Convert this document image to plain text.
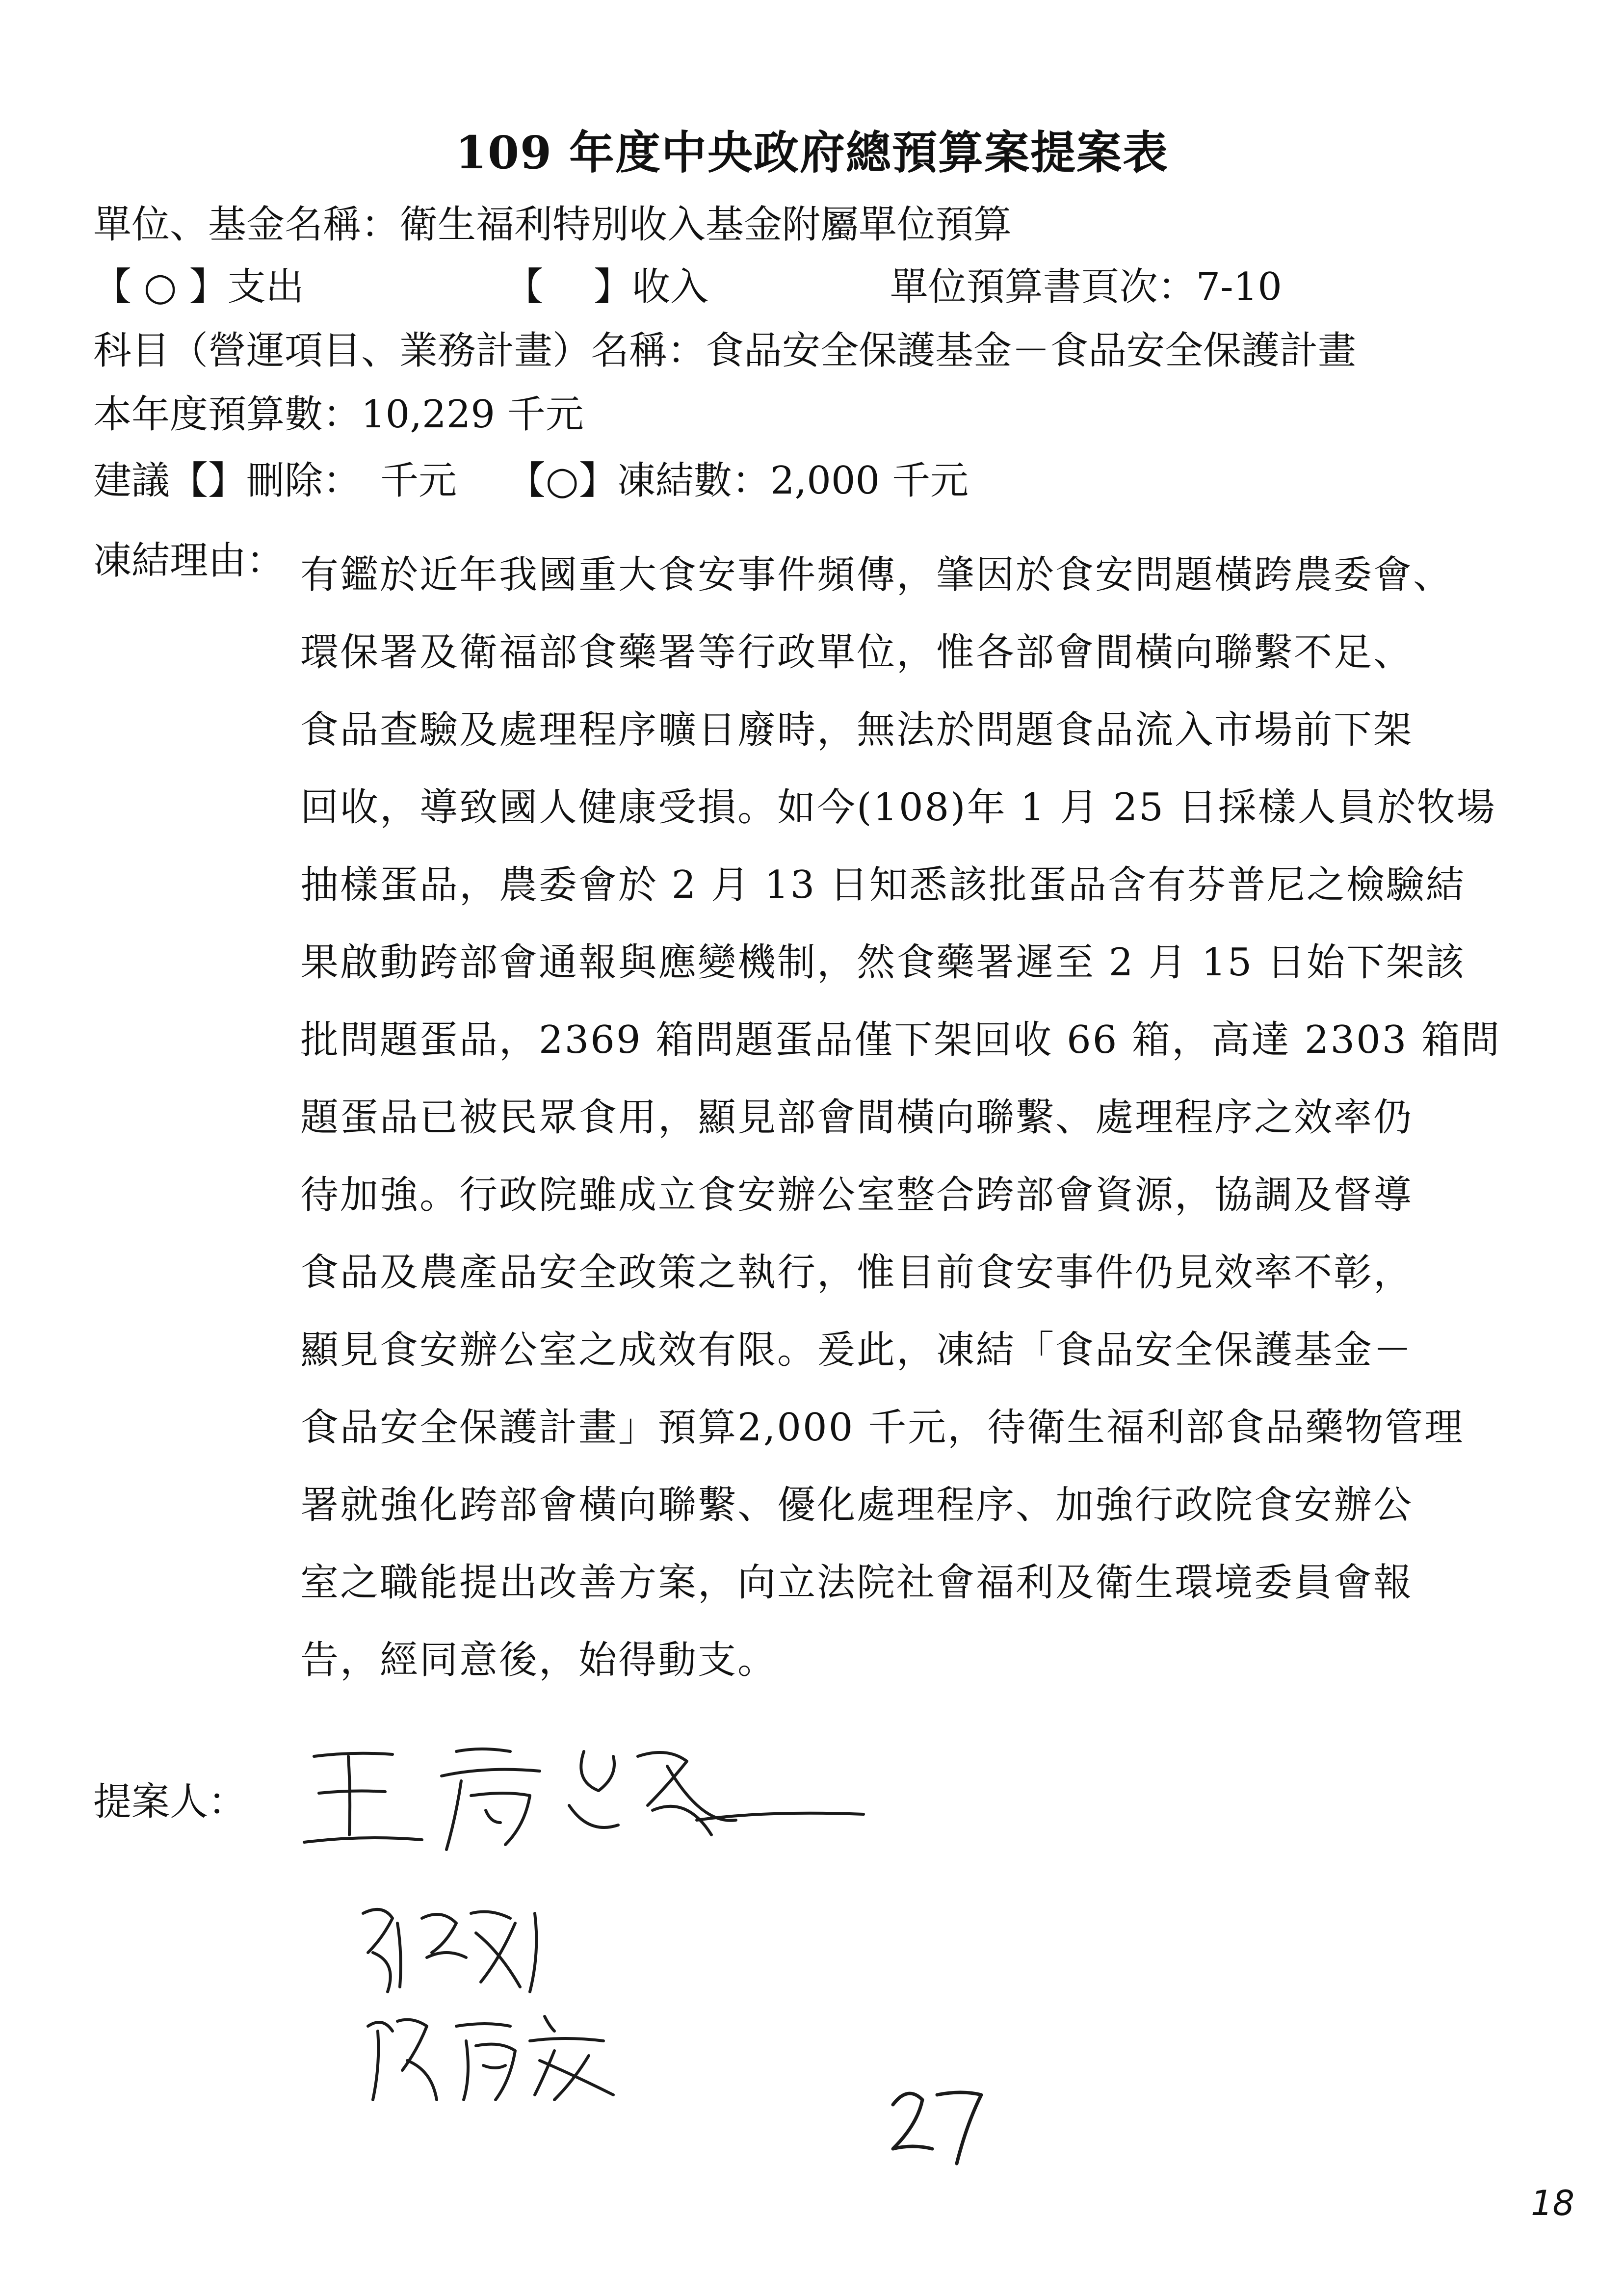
109 年度中央政府總預算案提案表
單位、基金名稱：衛生福利特別收入基金附屬單位預算
【 ○ 】支出	【　 】收入	單位預算書頁次：7-10
科目（營運項目、業務計畫）名稱：食品安全保護基金－食品安全保護計畫
本年度預算數：10,229 千元
建議【】刪除：　千元　 【○】凍結數：2,000 千元
凍結理由： 有鑑於近年我國重大食安事件頻傳，肇因於食安問題橫跨農委會、
環保署及衛福部食藥署等行政單位，惟各部會間橫向聯繫不足、
食品查驗及處理程序曠日廢時，無法於問題食品流入市場前下架
回收，導致國人健康受損。如今(108)年 1 月 25 日採樣人員於牧場
抽樣蛋品，農委會於 2 月 13 日知悉該批蛋品含有芬普尼之檢驗結
果啟動跨部會通報與應變機制，然食藥署遲至 2 月 15 日始下架該
批問題蛋品，2369 箱問題蛋品僅下架回收 66 箱，高達 2303 箱問
題蛋品已被民眾食用，顯見部會間橫向聯繫、處理程序之效率仍
待加強。行政院雖成立食安辦公室整合跨部會資源，協調及督導
食品及農產品安全政策之執行，惟目前食安事件仍見效率不彰，
顯見食安辦公室之成效有限。爰此，凍結「食品安全保護基金－
食品安全保護計畫」預算2,000 千元，待衛生福利部食品藥物管理
署就強化跨部會橫向聯繫、優化處理程序、加強行政院食安辦公
室之職能提出改善方案，向立法院社會福利及衛生環境委員會報
告，經同意後，始得動支。
提案人：
18
